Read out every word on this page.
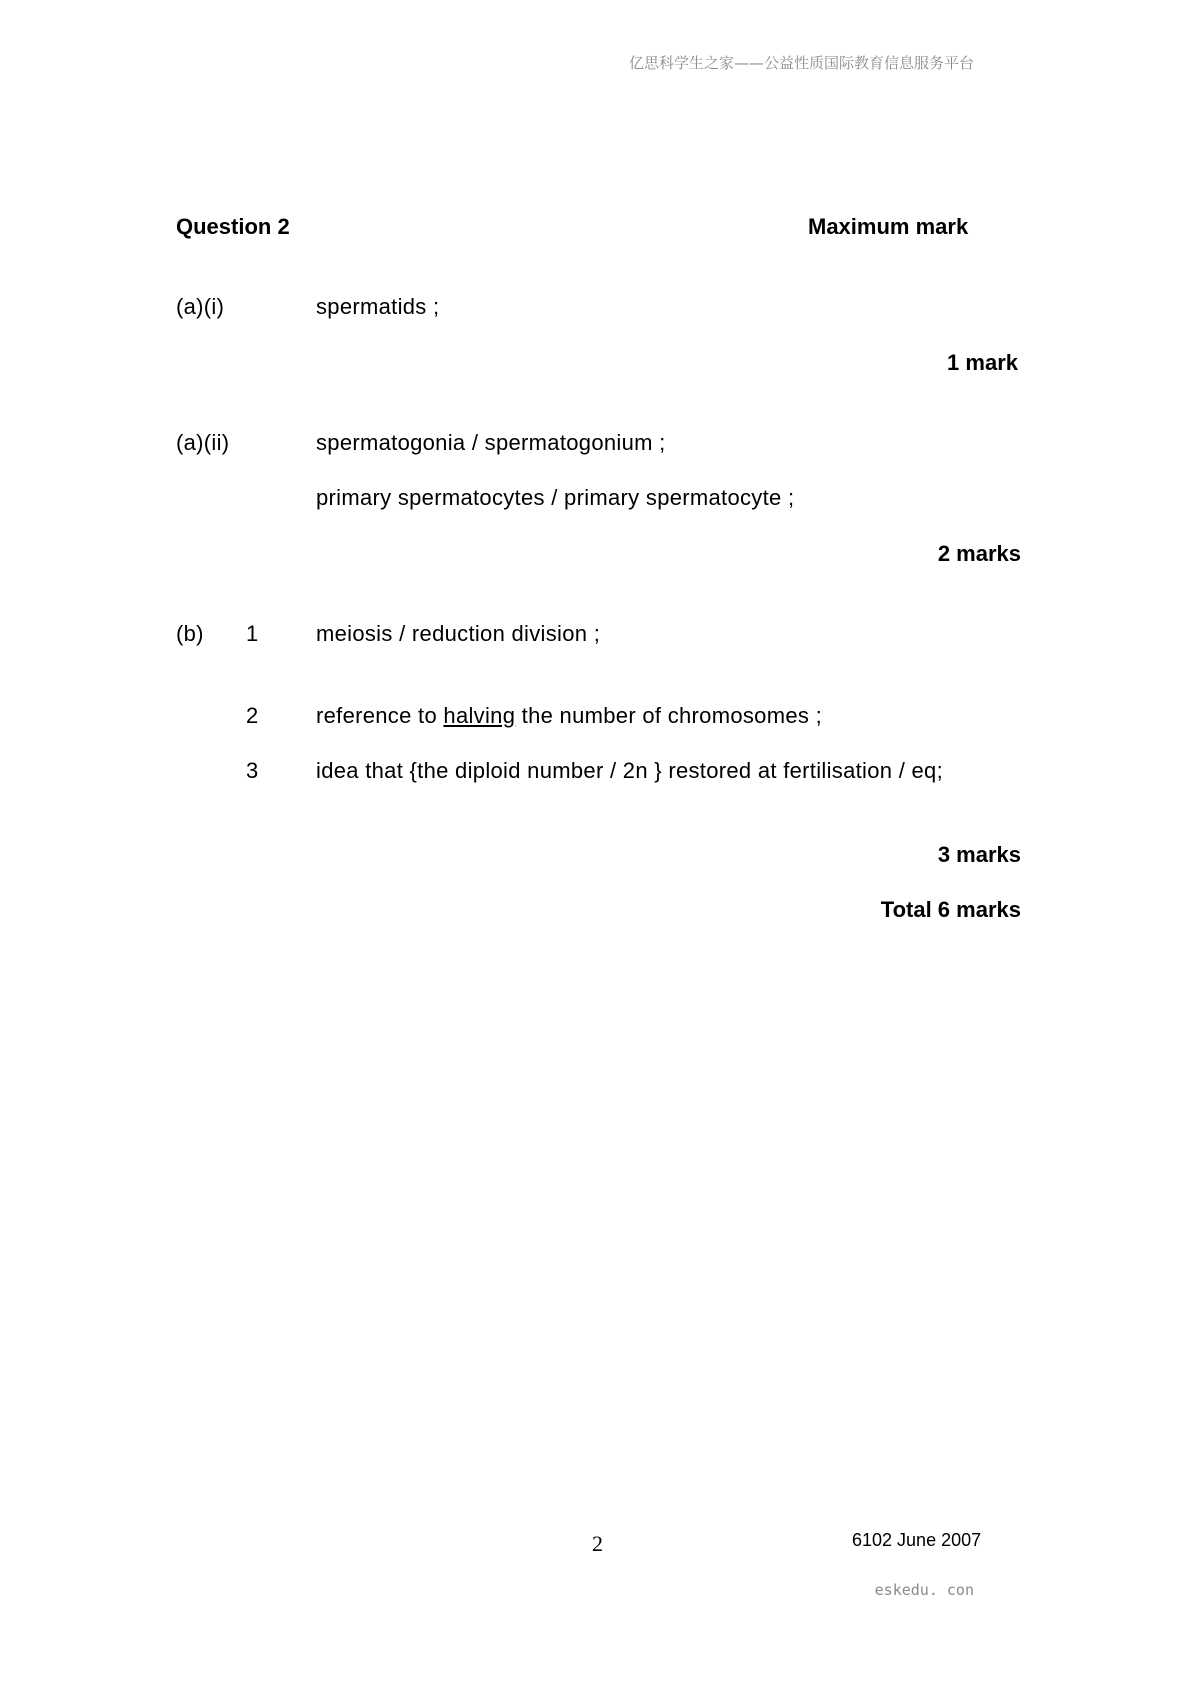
亿思科学生之家——公益性质国际教育信息服务平台
Question 2	Maximum mark
(a)(i)	spermatids ;
1 mark
(a)(ii)	spermatogonia / spermatogonium ;
primary spermatocytes / primary spermatocyte ;
2 marks
(b) 1	meiosis / reduction division ;
2	reference to halving the number of chromosomes ;
3	idea that {the diploid number / 2n } restored at fertilisation / eq;
3 marks
Total 6 marks
2	6102 June 2007
eskedu. con
